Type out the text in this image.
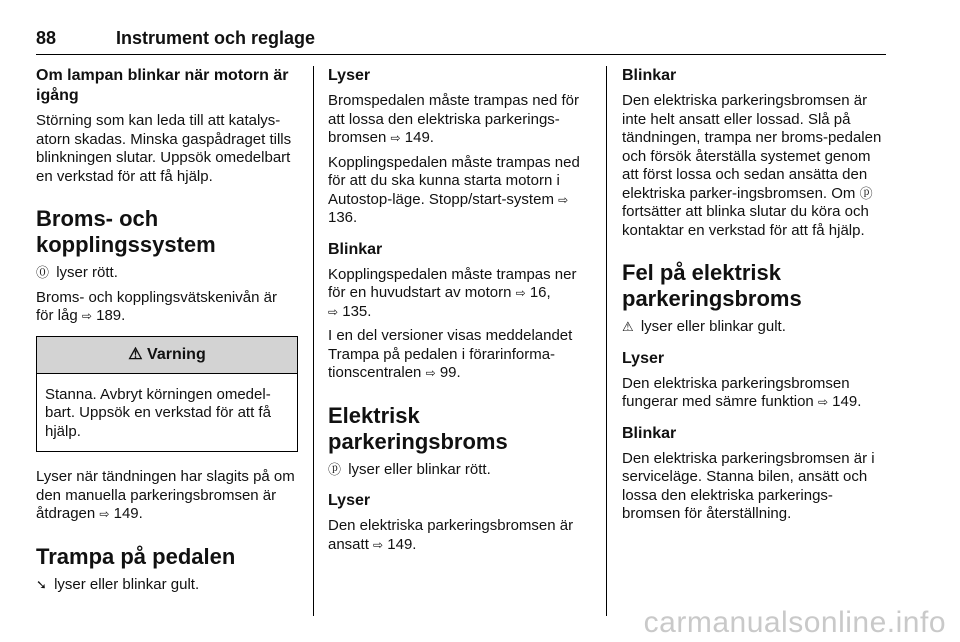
88	Instrument och reglage
Om lampan blinkar när motorn är igång

Störning som kan leda till att katalys-atorn skadas. Minska gaspådraget tills blinkningen slutar. Uppsök omedelbart en verkstad för att få hjälp.

Broms- och kopplingssystem

⓪ lyser rött.

Broms- och kopplingsvätskenivån är för låg ⇨ 189.

⚠ Varning
Stanna. Avbryt körningen omedel-bart. Uppsök en verkstad för att få hjälp.

Lyser när tändningen har slagits på om den manuella parkeringsbromsen är åtdragen ⇨ 149.

Trampa på pedalen

➘ lyser eller blinkar gult.

Lyser

Bromspedalen måste trampas ned för att lossa den elektriska parkerings-bromsen ⇨ 149.

Kopplingspedalen måste trampas ned för att du ska kunna starta motorn i Autostop-läge. Stopp/start-system ⇨ 136.

Blinkar

Kopplingspedalen måste trampas ner för en huvudstart av motorn ⇨ 16,
⇨ 135.

I en del versioner visas meddelandet Trampa på pedalen i förarinforma-tionscentralen ⇨ 99.

Elektrisk parkeringsbroms

ⓟ lyser eller blinkar rött.

Lyser

Den elektriska parkeringsbromsen är ansatt ⇨ 149.

Blinkar

Den elektriska parkeringsbromsen är inte helt ansatt eller lossad. Slå på tändningen, trampa ner broms-pedalen och försök återställa systemet genom att först lossa och sedan ansätta den elektriska parker-ingsbromsen. Om ⓟ fortsätter att blinka slutar du köra och kontaktar en verkstad för att få hjälp.

Fel på elektrisk parkeringsbroms

⚠ lyser eller blinkar gult.

Lyser

Den elektriska parkeringsbromsen fungerar med sämre funktion ⇨ 149.

Blinkar

Den elektriska parkeringsbromsen är i serviceläge. Stanna bilen, ansätt och lossa den elektriska parkerings-bromsen för återställning.

carmanualsonline.info
